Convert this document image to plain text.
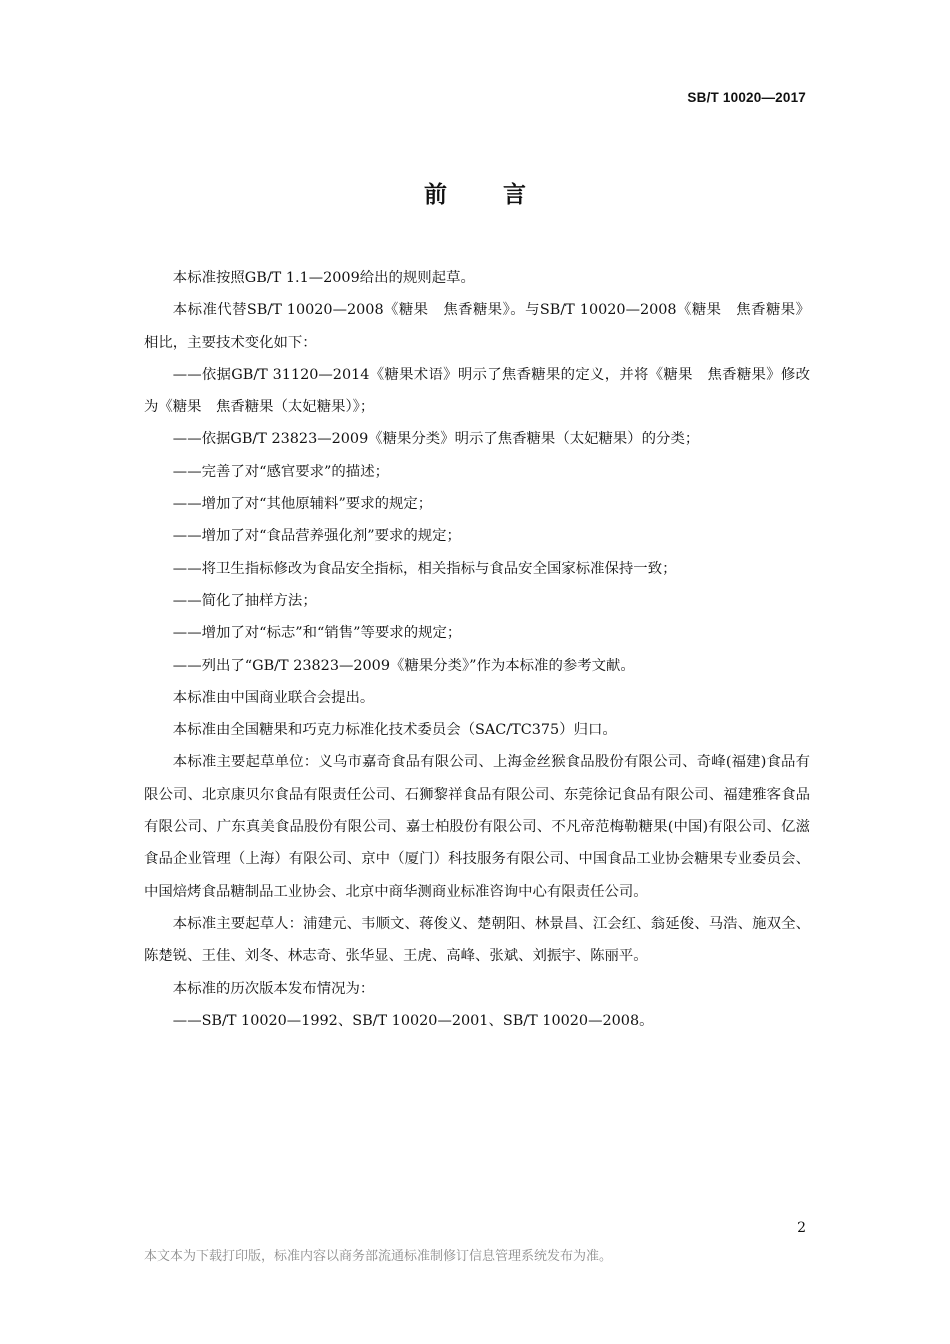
SB/T 10020—2017
前 言

本标准按照GB/T 1.1—2009给出的规则起草。

本标准代替SB/T 10020—2008《糖果　焦香糖果》。与SB/T 10020—2008《糖果　焦香糖果》相比，主要技术变化如下：

——依据GB/T 31120—2014《糖果术语》明示了焦香糖果的定义，并将《糖果　焦香糖果》修改为《糖果　焦香糖果（太妃糖果）》；

——依据GB/T 23823—2009《糖果分类》明示了焦香糖果（太妃糖果）的分类；

——完善了对“感官要求”的描述；

——增加了对“其他原辅料”要求的规定；

——增加了对“食品营养强化剂”要求的规定；

——将卫生指标修改为食品安全指标，相关指标与食品安全国家标准保持一致；

——简化了抽样方法；

——增加了对“标志”和“销售”等要求的规定；

——列出了“GB/T 23823—2009《糖果分类》”作为本标准的参考文献。

本标准由中国商业联合会提出。

本标准由全国糖果和巧克力标准化技术委员会（SAC/TC375）归口。

本标准主要起草单位：义乌市嘉奇食品有限公司、上海金丝猴食品股份有限公司、奇峰(福建)食品有限公司、北京康贝尔食品有限责任公司、石狮黎祥食品有限公司、东莞徐记食品有限公司、福建雅客食品有限公司、广东真美食品股份有限公司、嘉士柏股份有限公司、不凡帝范梅勒糖果(中国)有限公司、亿滋食品企业管理（上海）有限公司、京中（厦门）科技服务有限公司、中国食品工业协会糖果专业委员会、中国焙烤食品糖制品工业协会、北京中商华测商业标准咨询中心有限责任公司。

本标准主要起草人：浦建元、韦顺文、蒋俊义、楚朝阳、林景昌、江会红、翁延俊、马浩、施双全、陈楚锐、王佳、刘冬、林志奇、张华显、王虎、高峰、张斌、刘振宇、陈丽平。

本标准的历次版本发布情况为：

——SB/T 10020—1992、SB/T 10020—2001、SB/T 10020—2008。

2
本文本为下载打印版，标准内容以商务部流通标准制修订信息管理系统发布为准。
